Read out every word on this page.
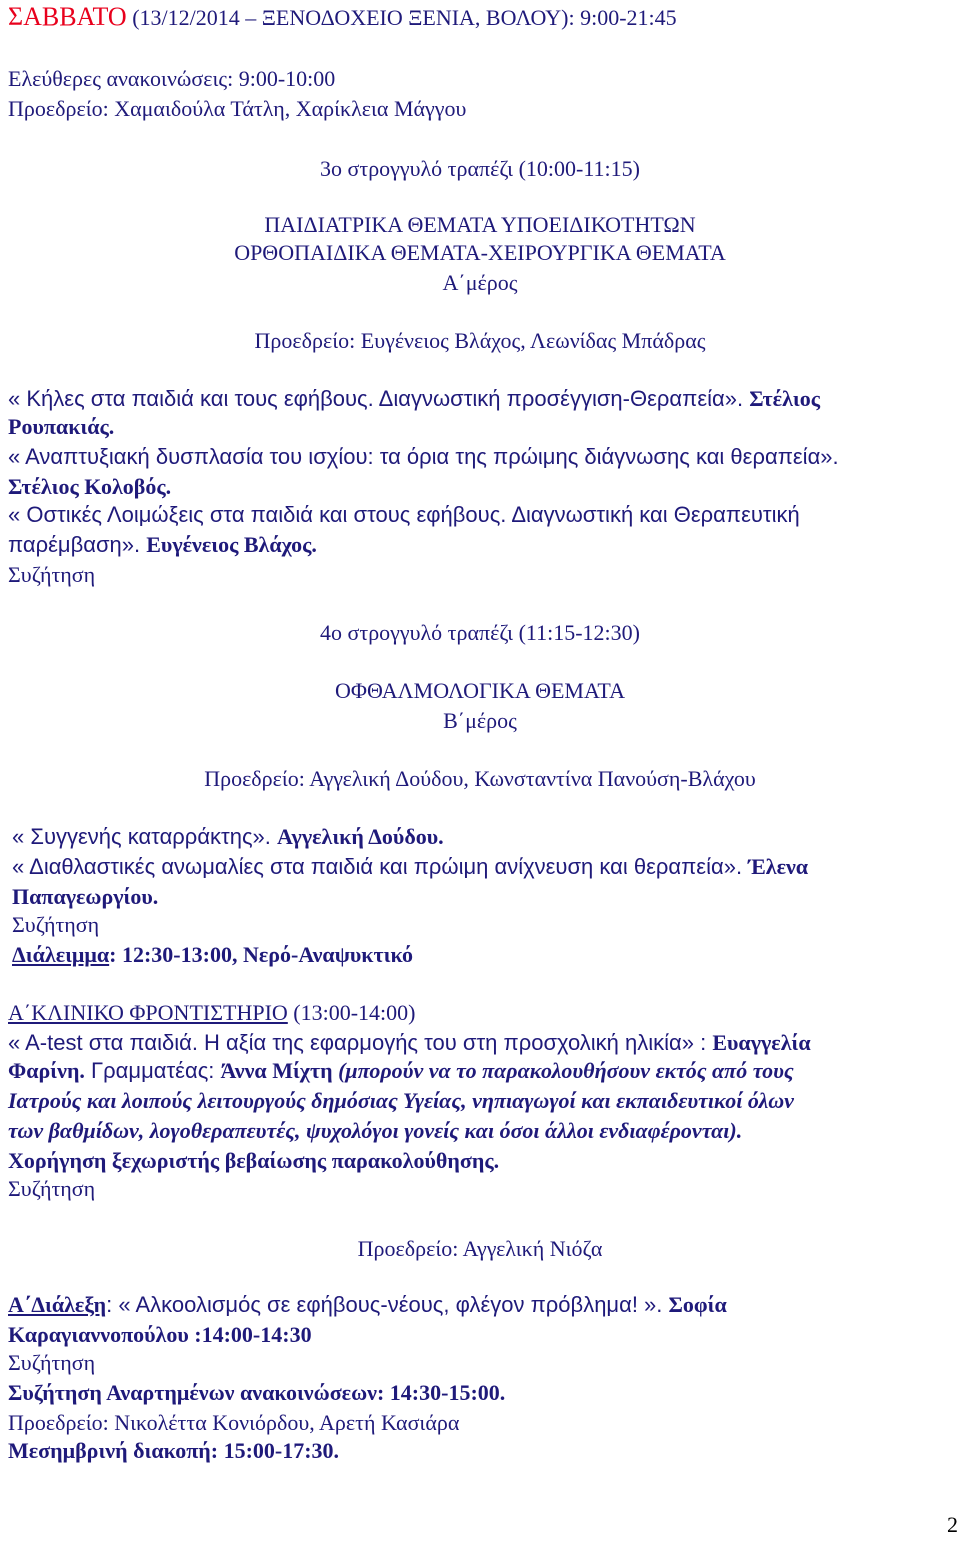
ΣΑΒΒΑΤΟ (13/12/2014 – ΞΕΝΟΔΟΧΕΙΟ ΞΕΝΙΑ, ΒΟΛΟΥ): 9:00-21:45
Ελεύθερες ανακοινώσεις: 9:00-10:00
Προεδρείο: Χαμαιδούλα Τάτλη, Χαρίκλεια Μάγγου
3ο στρογγυλό τραπέζι (10:00-11:15)
ΠΑΙΔΙΑΤΡΙΚΑ ΘΕΜΑΤΑ ΥΠΟΕΙΔΙΚΟΤΗΤΩΝ
ΟΡΘΟΠΑΙΔΙΚΑ ΘΕΜΑΤΑ-ΧΕΙΡΟΥΡΓΙΚΑ ΘΕΜΑΤΑ
Α΄μέρος
Προεδρείο: Ευγένειος Βλάχος, Λεωνίδας Μπάδρας
« Κήλες στα παιδιά και τους εφήβους. Διαγνωστική προσέγγιση-Θεραπεία». Στέλιος
Ρουπακιάς.
« Αναπτυξιακή δυσπλασία του ισχίου: τα όρια της πρώιμης διάγνωσης και θεραπεία».
Στέλιος Κολοβός.
« Οστικές Λοιμώξεις στα παιδιά και στους εφήβους. Διαγνωστική και Θεραπευτική
παρέμβαση». Ευγένειος Βλάχος.
Συζήτηση
4ο στρογγυλό τραπέζι (11:15-12:30)
ΟΦΘΑΛΜΟΛΟΓΙΚΑ ΘΕΜΑΤΑ
Β΄μέρος
Προεδρείο: Αγγελική Δούδου, Κωνσταντίνα Πανούση-Βλάχου
« Συγγενής καταρράκτης». Αγγελική Δούδου.
« Διαθλαστικές ανωμαλίες στα παιδιά και πρώιμη ανίχνευση και θεραπεία». Έλενα
Παπαγεωργίου.
Συζήτηση
Διάλειμμα: 12:30-13:00, Νερό-Αναψυκτικό
Α΄ΚΛΙΝΙΚΟ ΦΡΟΝΤΙΣΤΗΡΙΟ (13:00-14:00)
« A-test στα παιδιά. Η αξία της εφαρμογής του στη προσχολική ηλικία» : Ευαγγελία
Φαρίνη. Γραμματέας: Άννα Μίχτη (μπορούν να το παρακολουθήσουν εκτός από τους
Ιατρούς και λοιπούς λειτουργούς δημόσιας Υγείας, νηπιαγωγοί και εκπαιδευτικοί όλων
των βαθμίδων, λογοθεραπευτές, ψυχολόγοι γονείς και όσοι άλλοι ενδιαφέρονται).
Χορήγηση ξεχωριστής βεβαίωσης παρακολούθησης.
Συζήτηση
Προεδρείο: Αγγελική Νιόζα
Α΄Διάλεξη: « Αλκοολισμός σε εφήβους-νέους, φλέγον πρόβλημα! ». Σοφία
Καραγιαννοπούλου :14:00-14:30
Συζήτηση
Συζήτηση Αναρτημένων ανακοινώσεων: 14:30-15:00.
Προεδρείο: Νικολέττα Κονιόρδου, Αρετή Κασιάρα
Μεσημβρινή διακοπή: 15:00-17:30.
2
